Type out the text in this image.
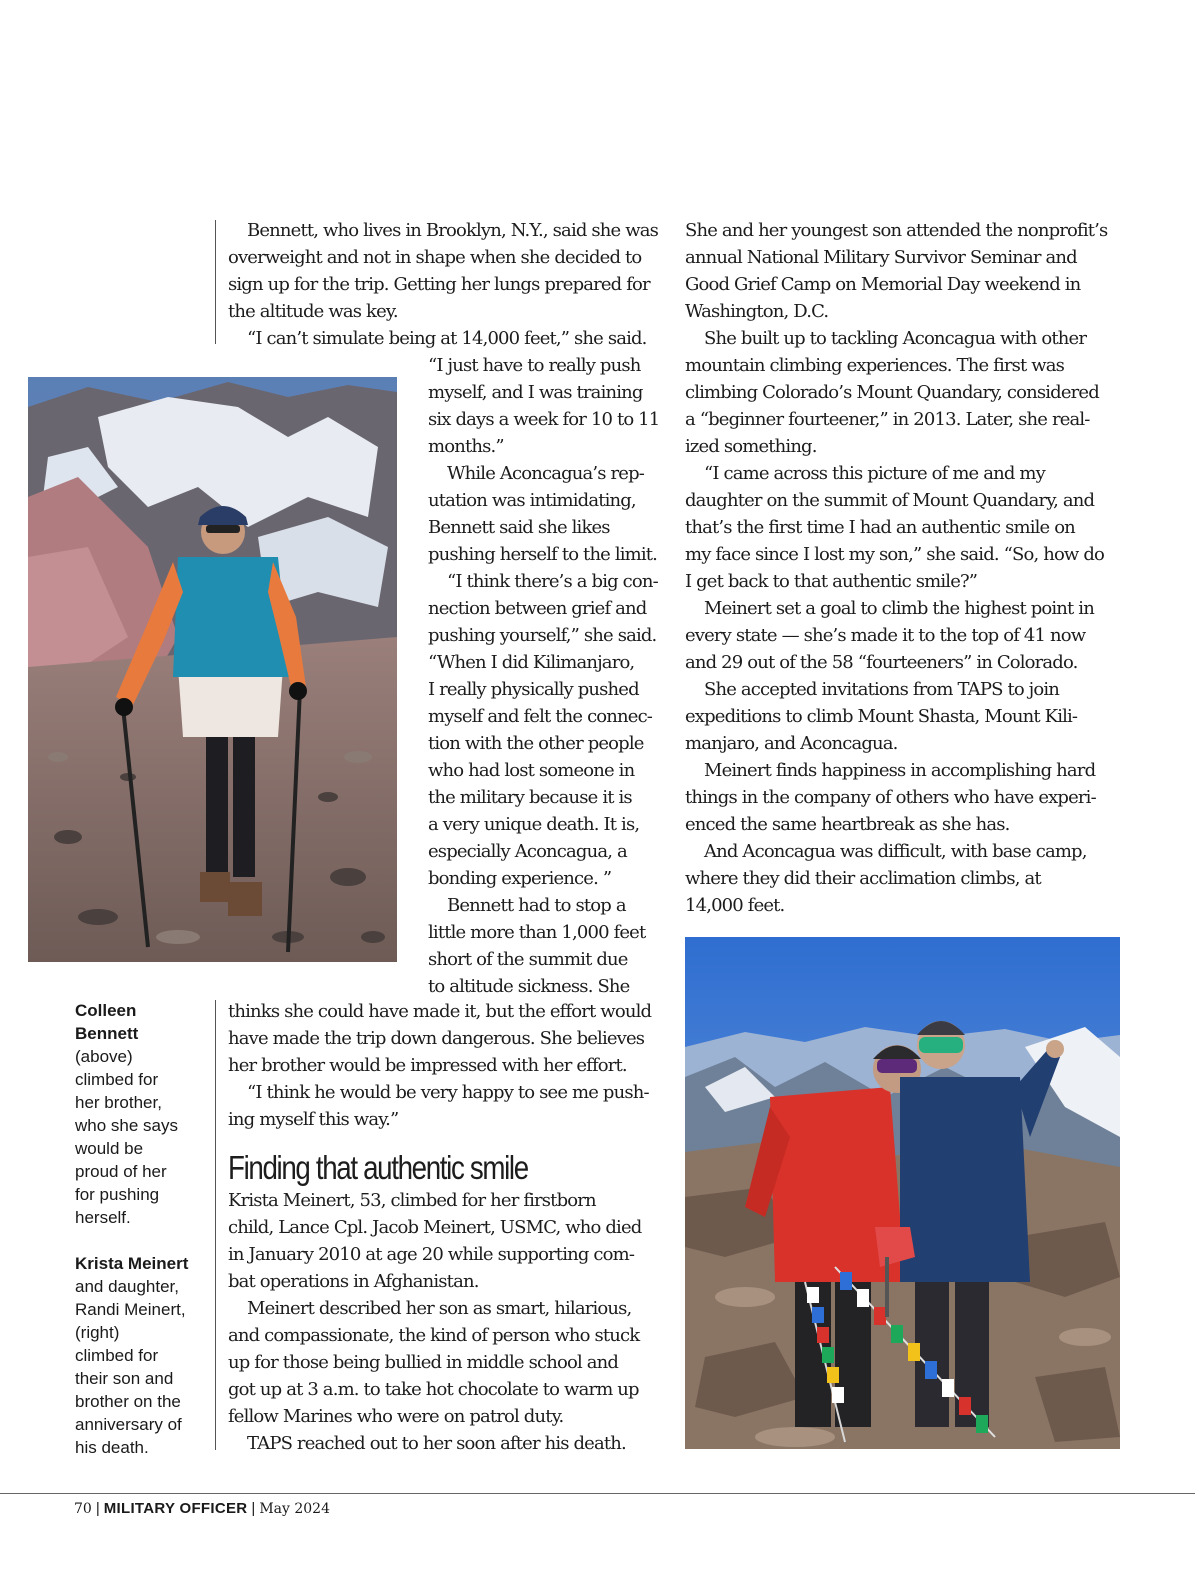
Bennett, who lives in Brooklyn, N.Y., said she was
overweight and not in shape when she decided to
sign up for the trip. Getting her lungs prepared for
the altitude was key.

“I can’t simulate being at 14,000 feet,” she said.

“I just have to really push
myself, and I was training
six days a week for 10 to 11
months.”

While Aconcagua’s rep-
utation was intimidating,
Bennett said she likes
pushing herself to the limit.

“I think there’s a big con-
nection between grief and
pushing yourself,” she said.
“When I did Kilimanjaro,
I really physically pushed
myself and felt the connec-
tion with the other people
who had lost someone in
the military because it is
a very unique death. It is,
especially Aconcagua, a
bonding experience. ”

Bennett had to stop a
little more than 1,000 feet
short of the summit due
to altitude sickness. She

thinks she could have made it, but the effort would
have made the trip down dangerous. She believes
her brother would be impressed with her effort.

“I think he would be very happy to see me push-
ing myself this way.”

Finding that authentic smile

Krista Meinert, 53, climbed for her firstborn
child, Lance Cpl. Jacob Meinert, USMC, who died
in January 2010 at age 20 while supporting com-
bat operations in Afghanistan.

Meinert described her son as smart, hilarious,
and compassionate, the kind of person who stuck
up for those being bullied in middle school and
got up at 3 a.m. to take hot chocolate to warm up
fellow Marines who were on patrol duty.

TAPS reached out to her soon after his death.

She and her youngest son attended the nonprofit’s
annual National Military Survivor Seminar and
Good Grief Camp on Memorial Day weekend in
Washington, D.C.

She built up to tackling Aconcagua with other
mountain climbing experiences. The first was
climbing Colorado’s Mount Quandary, considered
a “beginner fourteener,” in 2013. Later, she real-
ized something.

“I came across this picture of me and my
daughter on the summit of Mount Quandary, and
that’s the first time I had an authentic smile on
my face since I lost my son,” she said. “So, how do
I get back to that authentic smile?”

Meinert set a goal to climb the highest point in
every state — she’s made it to the top of 41 now
and 29 out of the 58 “fourteeners” in Colorado.

She accepted invitations from TAPS to join
expeditions to climb Mount Shasta, Mount Kili-
manjaro, and Aconcagua.

Meinert finds happiness in accomplishing hard
things in the company of others who have experi-
enced the same heartbreak as she has.

And Aconcagua was difficult, with base camp,
where they did their acclimation climbs, at
14,000 feet.

Colleen
Bennett
(above)
climbed for
her brother,
who she says
would be
proud of her
for pushing
herself.

Krista Meinert
and daughter,
Randi Meinert,
(right)
climbed for
their son and
brother on the
anniversary of
his death.

70 | MILITARY OFFICER | May 2024
